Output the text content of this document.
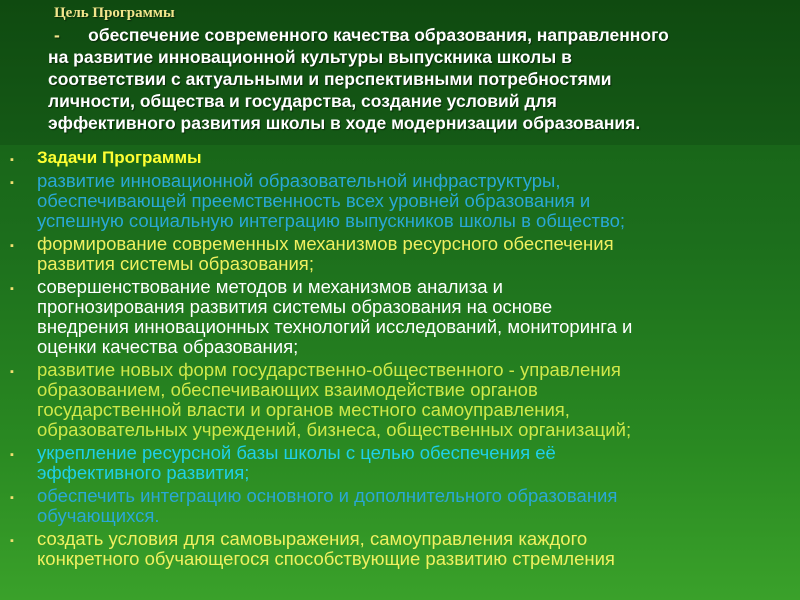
Цель Программы
- обеспечение современного качества образования, направленного
на развитие инновационной культуры выпускника школы в
соответствии с актуальными и перспективными потребностями
личности, общества и государства, создание условий для
эффективного развития школы в ходе модернизации образования.
▪ Задачи Программы
▪ развитие инновационной образовательной инфраструктуры,
обеспечивающей преемственность всех уровней образования и
успешную социальную интеграцию выпускников школы в общество;
▪ формирование современных механизмов ресурсного обеспечения
развития системы образования;
▪ совершенствование методов и механизмов анализа и
прогнозирования развития системы образования на основе
внедрения инновационных технологий исследований, мониторинга и
оценки качества образования;
▪ развитие новых форм государственно-общественного - управления
образованием, обеспечивающих взаимодействие органов
государственной власти и органов местного самоуправления,
образовательных учреждений, бизнеса, общественных организаций;
▪ укрепление ресурсной базы школы с целью обеспечения её
эффективного развития;
▪ обеспечить интеграцию основного и дополнительного образования
обучающихся.
▪ создать условия для самовыражения, самоуправления каждого
конкретного обучающегося способствующие развитию стремления
